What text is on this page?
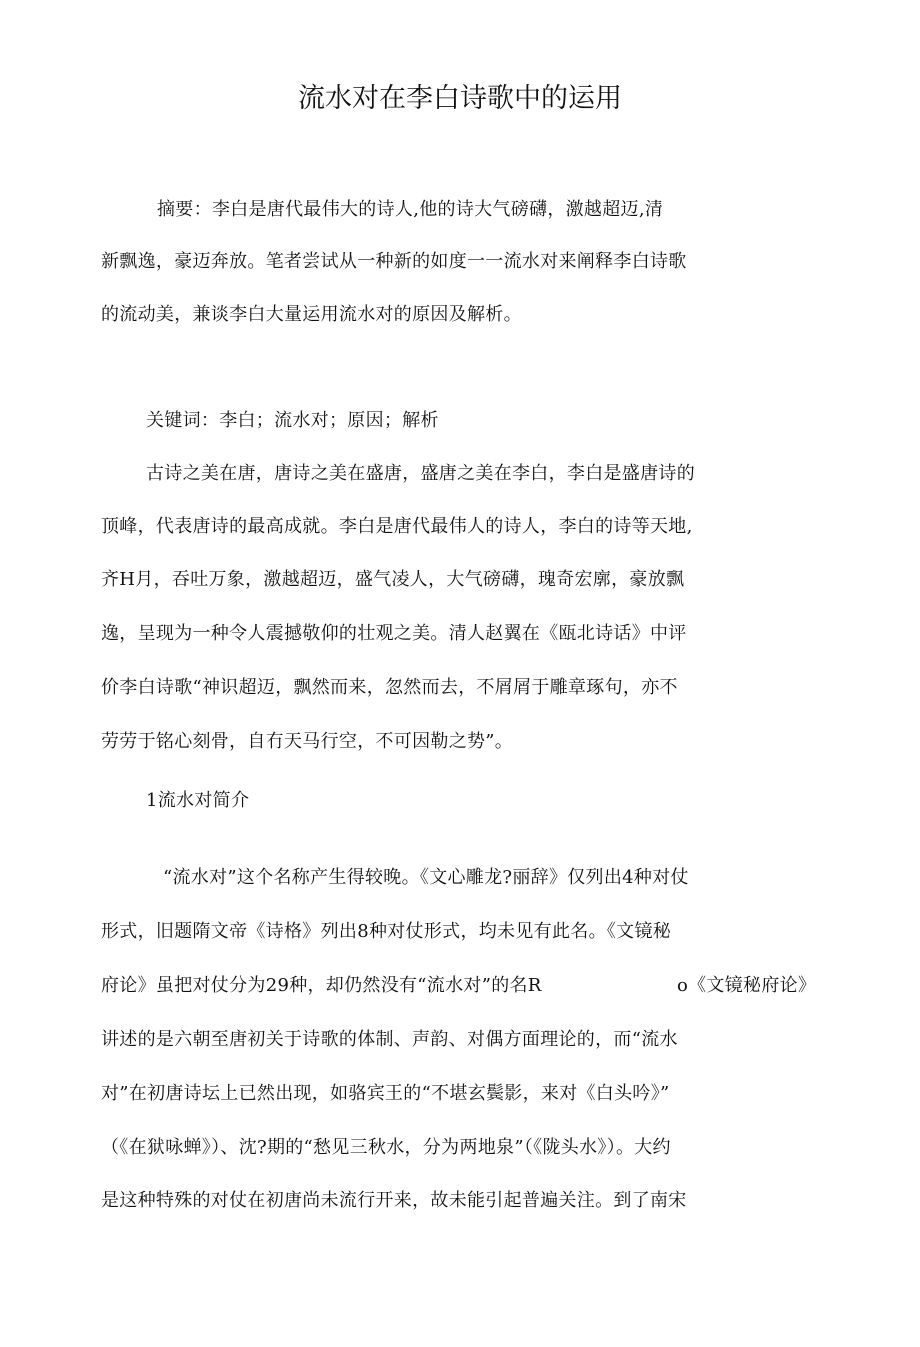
流水对在李白诗歌中的运用
摘要：李白是唐代最伟大的诗人,他的诗大气磅礴，激越超迈,清
新飘逸，豪迈奔放。笔者尝试从一种新的如度一一流水对来阐释李白诗歌
的流动美，兼谈李白大量运用流水对的原因及解析。
关键词：李白；流水对；原因；解析
古诗之美在唐，唐诗之美在盛唐，盛唐之美在李白，李白是盛唐诗的
顶峰，代表唐诗的最高成就。李白是唐代最伟人的诗人，李白的诗等天地,
齐H月，吞吐万象，激越超迈，盛气凌人，大气磅礴，瑰奇宏廓，豪放飘
逸，呈现为一种令人震撼敬仰的壮观之美。清人赵翼在《瓯北诗话》中评
价李白诗歌“神识超迈，飘然而来，忽然而去，不屑屑于雕章琢句，亦不
劳劳于铭心刻骨，自冇天马行空，不可因勒之势”。
1流水对简介
“流水对”这个名称产生得较晚。《文心雕龙?丽辞》仅列出4种对仗
形式，旧题隋文帝《诗格》列出8种对仗形式，均未见有此名。《文镜秘
府论》虽把对仗分为29种，却仍然没有“流水对”的名R	o《文镜秘府论》
讲述的是六朝至唐初关于诗歌的体制、声韵、对偶方面理论的，而“流水
对”在初唐诗坛上已然出现，如骆宾王的“不堪玄鬓影，来对《白头吟》”
（《在狱咏蝉》）、沈?期的“愁见三秋水，分为两地泉”（《陇头水》）。大约
是这种特殊的对仗在初唐尚未流行开来，故未能引起普遍关注。到了南宋
